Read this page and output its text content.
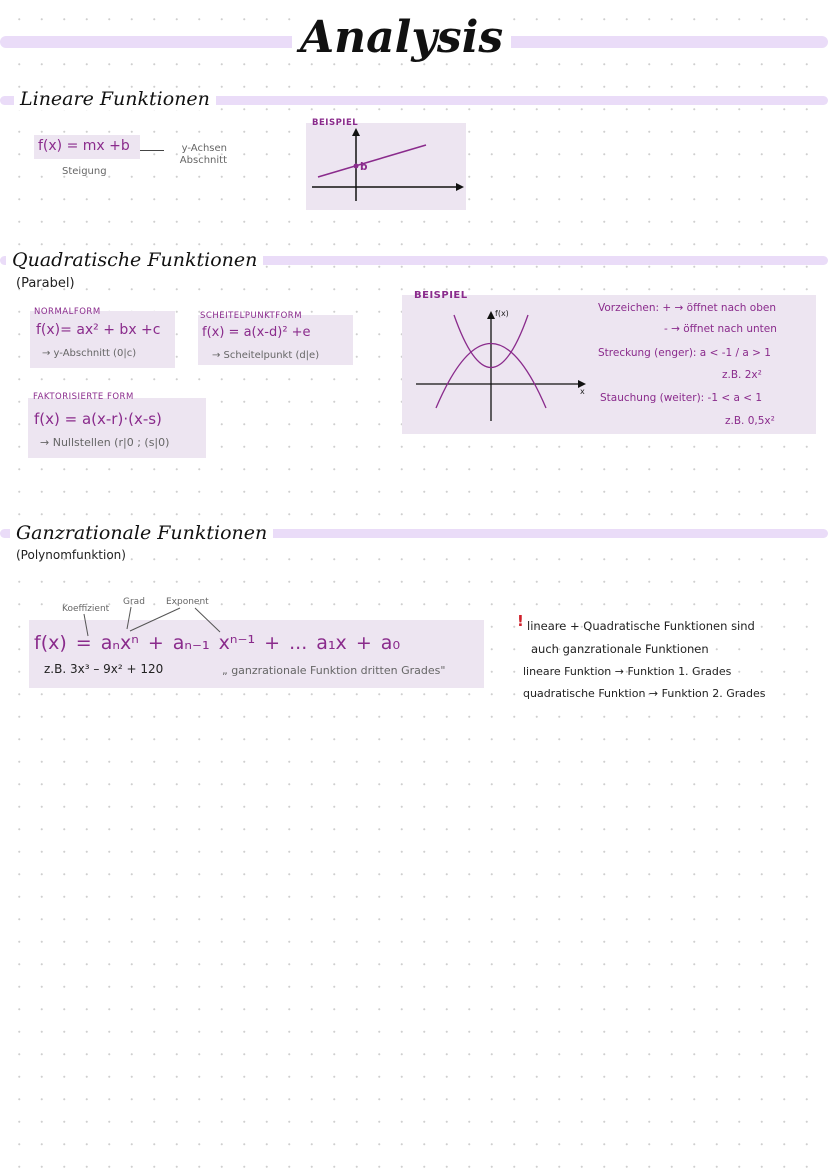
Analysis
Lineare Funktionen
f(x) = mx +b	y-Achsen Abschnitt
Steigung
BEISPIEL
b
Quadratische Funktionen
(Parabel)
NORMALFORM
f(x)= ax² + bx +c
→ y-Abschnitt (0|c)
SCHEITELPUNKTFORM
f(x) = a(x-d)² +e
→ Scheitelpunkt (d|e)
FAKTORISIERTE FORM
f(x) = a(x-r)·(x-s)
→ Nullstellen (r|0 ; (s|0)
BEISPIEL
f(x)
x
Vorzeichen: + → öffnet nach oben
- → öffnet nach unten
Streckung (enger): a < -1 / a > 1
z.B. 2x²
Stauchung (weiter): -1 < a < 1
z.B. 0,5x²
Ganzrationale Funktionen
(Polynomfunktion)
Koeffizient
Grad Exponent
f(x) = aₙxⁿ + aₙ₋₁ xⁿ⁻¹ + ... a₁x + a₀
z.B. 3x³ – 9x² + 120	„ ganzrationale Funktion dritten Grades"
! lineare + Quadratische Funktionen sind
auch ganzrationale Funktionen
lineare Funktion → Funktion 1. Grades
quadratische Funktion → Funktion 2. Grades
